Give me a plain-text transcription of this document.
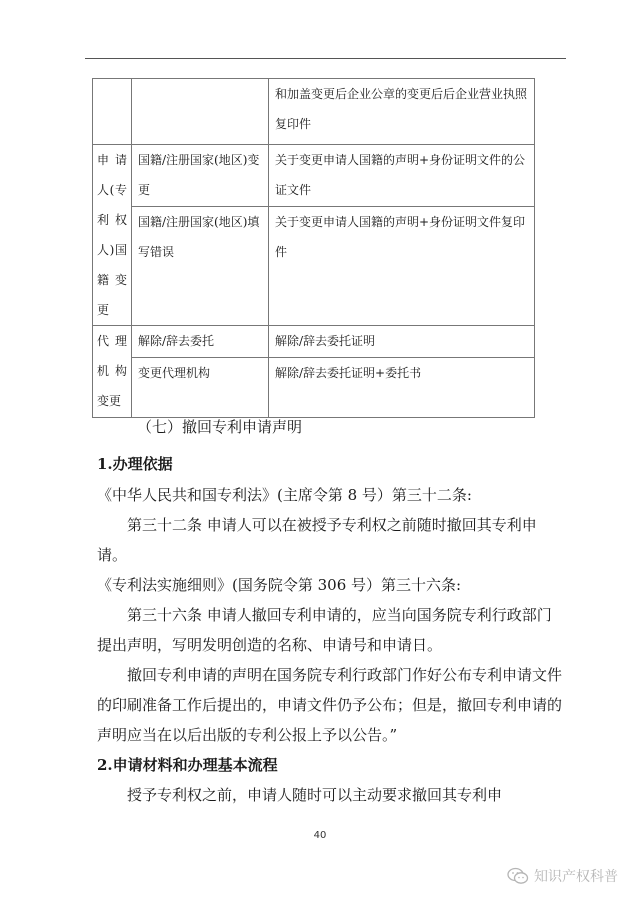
		和加盖变更后企业公章的变更后后企业营业执照复印件

申请人(专利权人)国籍变更	国籍/注册国家(地区)变更	关于变更申请人国籍的声明+身份证明文件的公证文件

	国籍/注册国家(地区)填写错误	关于变更申请人国籍的声明+身份证明文件复印件

代理机构变更	解除/辞去委托	解除/辞去委托证明

	变更代理机构	解除/辞去委托证明+委托书
（七）撤回专利申请声明
1.办理依据
《中华人民共和国专利法》(主席令第 8 号）第三十二条:
第三十二条 申请人可以在被授予专利权之前随时撤回其专利申请。
《专利法实施细则》(国务院令第 306 号）第三十六条:
第三十六条 申请人撤回专利申请的，应当向国务院专利行政部门提出声明，写明发明创造的名称、申请号和申请日。
撤回专利申请的声明在国务院专利行政部门作好公布专利申请文件的印刷准备工作后提出的，申请文件仍予公布；但是，撤回专利申请的声明应当在以后出版的专利公报上予以公告。”
2.申请材料和办理基本流程
授予专利权之前，申请人随时可以主动要求撤回其专利申
40
知识产权科普
